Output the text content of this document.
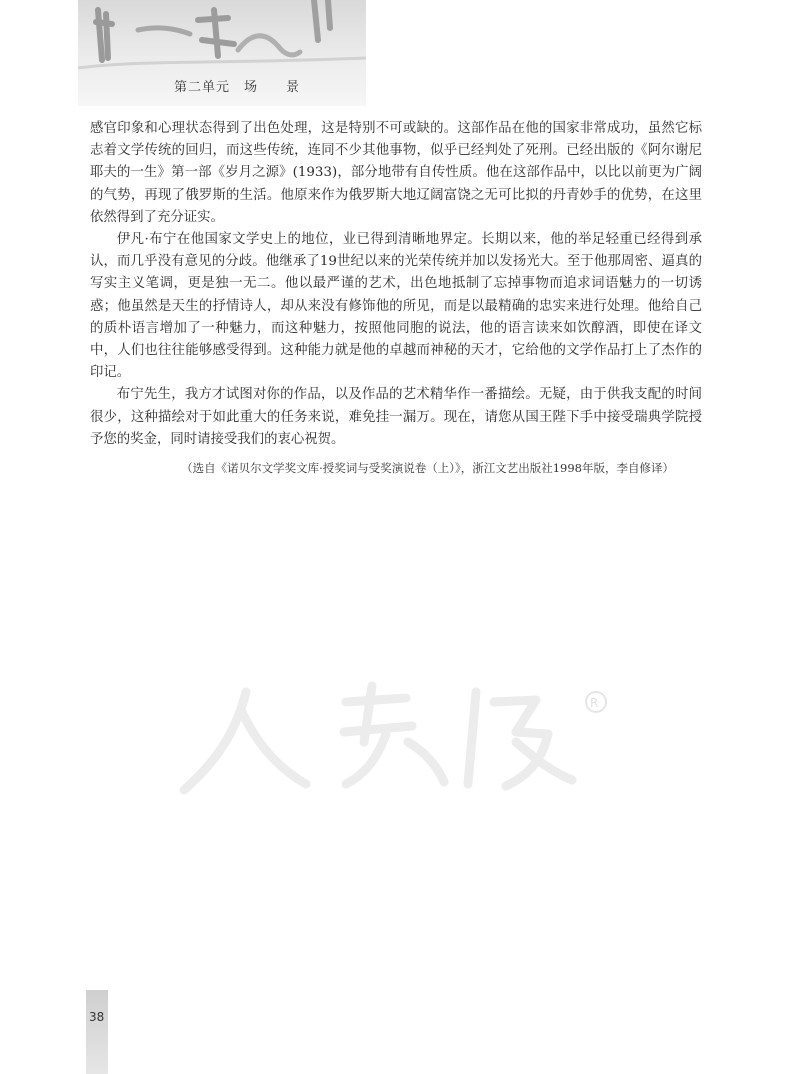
第二单元　场　　景

感官印象和心理状态得到了出色处理，这是特别不可或缺的。这部作品在他的国家非常成功，虽然它标志着文学传统的回归，而这些传统，连同不少其他事物，似乎已经判处了死刑。已经出版的《阿尔谢尼耶夫的一生》第一部《岁月之源》(1933)，部分地带有自传性质。他在这部作品中，以比以前更为广阔的气势，再现了俄罗斯的生活。他原来作为俄罗斯大地辽阔富饶之无可比拟的丹青妙手的优势，在这里依然得到了充分证实。

伊凡·布宁在他国家文学史上的地位，业已得到清晰地界定。长期以来，他的举足轻重已经得到承认，而几乎没有意见的分歧。他继承了19世纪以来的光荣传统并加以发扬光大。至于他那周密、逼真的写实主义笔调，更是独一无二。他以最严谨的艺术，出色地抵制了忘掉事物而追求词语魅力的一切诱惑；他虽然是天生的抒情诗人，却从来没有修饰他的所见，而是以最精确的忠实来进行处理。他给自己的质朴语言增加了一种魅力，而这种魅力，按照他同胞的说法，他的语言读来如饮醇酒，即使在译文中，人们也往往能够感受得到。这种能力就是他的卓越而神秘的天才，它给他的文学作品打上了杰作的印记。

布宁先生，我方才试图对你的作品，以及作品的艺术精华作一番描绘。无疑，由于供我支配的时间很少，这种描绘对于如此重大的任务来说，难免挂一漏万。现在，请您从国王陛下手中接受瑞典学院授予您的奖金，同时请接受我们的衷心祝贺。

（选自《诺贝尔文学奖文库·授奖词与受奖演说卷（上）》，浙江文艺出版社1998年版，李自修译）

R
38
